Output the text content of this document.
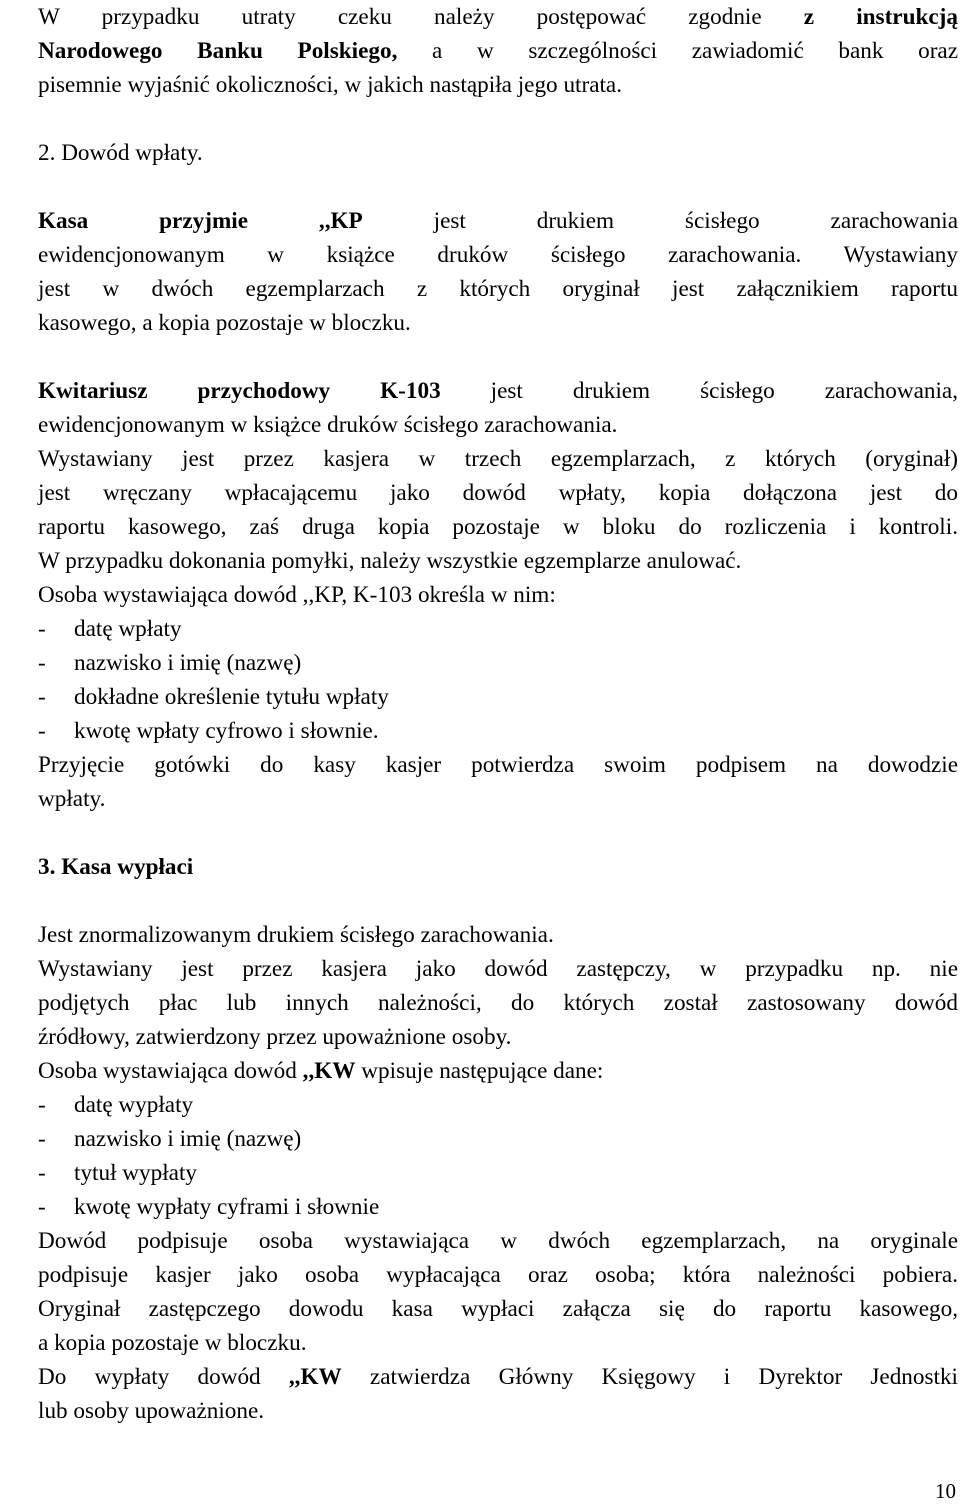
W przypadku utraty czeku należy postępować zgodnie z instrukcją
Narodowego Banku Polskiego, a w szczególności zawiadomić bank oraz
pisemnie wyjaśnić okoliczności, w jakich nastąpiła jego utrata.
2. Dowód wpłaty.
Kasa przyjmie ,,KP jest drukiem ścisłego zarachowania
ewidencjonowanym w książce druków ścisłego zarachowania. Wystawiany
jest w dwóch egzemplarzach z których oryginał jest załącznikiem raportu
kasowego, a kopia pozostaje w bloczku.
Kwitariusz przychodowy K-103 jest drukiem ścisłego zarachowania,
ewidencjonowanym w książce druków ścisłego zarachowania.
Wystawiany jest przez kasjera w trzech egzemplarzach, z których (oryginał)
jest wręczany wpłacającemu jako dowód wpłaty, kopia dołączona jest do
raportu kasowego, zaś druga kopia pozostaje w bloku do rozliczenia i kontroli.
W przypadku dokonania pomyłki, należy wszystkie egzemplarze anulować.
Osoba wystawiająca dowód ,,KP, K-103 określa w nim:
- datę wpłaty
- nazwisko i imię (nazwę)
- dokładne określenie tytułu wpłaty
- kwotę wpłaty cyfrowo i słownie.
Przyjęcie gotówki do kasy kasjer potwierdza swoim podpisem na dowodzie
wpłaty.
3. Kasa wypłaci
Jest znormalizowanym drukiem ścisłego zarachowania.
Wystawiany jest przez kasjera jako dowód zastępczy, w przypadku np. nie
podjętych płac lub innych należności, do których został zastosowany dowód
źródłowy, zatwierdzony przez upoważnione osoby.
Osoba wystawiająca dowód ,,KW wpisuje następujące dane:
- datę wypłaty
- nazwisko i imię (nazwę)
- tytuł wypłaty
- kwotę wypłaty cyframi i słownie
Dowód podpisuje osoba wystawiająca w dwóch egzemplarzach, na oryginale
podpisuje kasjer jako osoba wypłacająca oraz osoba; która należności pobiera.
Oryginał zastępczego dowodu kasa wypłaci załącza się do raportu kasowego,
a kopia pozostaje w bloczku.
Do wypłaty dowód ,,KW zatwierdza Główny Księgowy i Dyrektor Jednostki
lub osoby upoważnione.
10
